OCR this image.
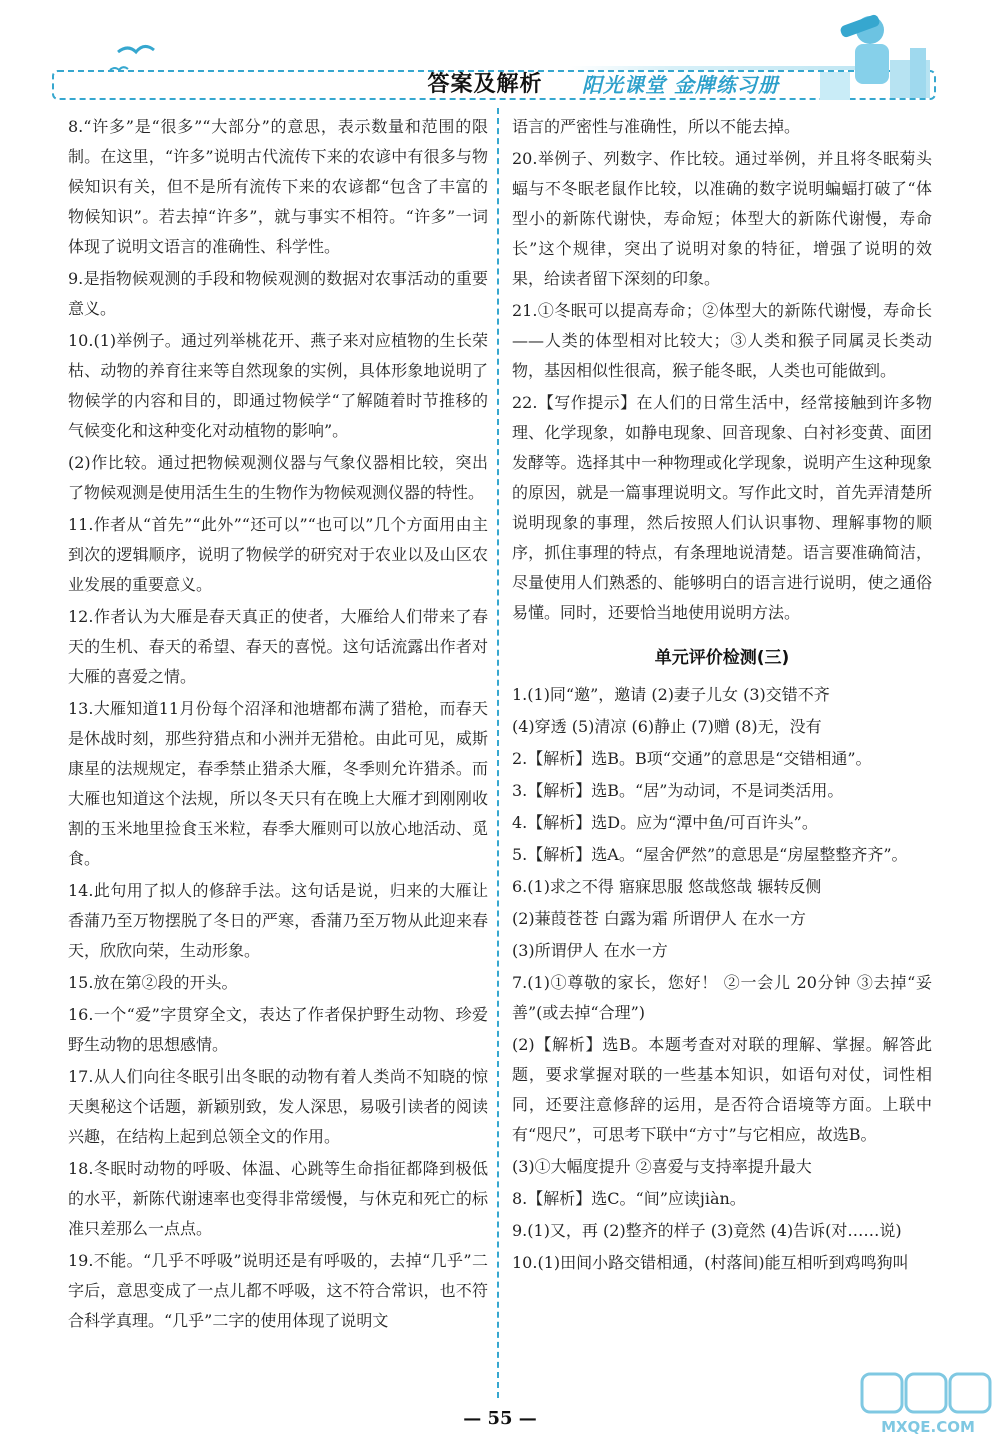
答案及解析	阳光课堂 金牌练习册

8.“许多”是“很多”“大部分”的意思，表示数量和范围的限制。在这里，“许多”说明古代流传下来的农谚中有很多与物候知识有关，但不是所有流传下来的农谚都“包含了丰富的物候知识”。若去掉“许多”，就与事实不相符。“许多”一词体现了说明文语言的准确性、科学性。

9.是指物候观测的手段和物候观测的数据对农事活动的重要意义。

10.(1)举例子。通过列举桃花开、燕子来对应植物的生长荣枯、动物的养育往来等自然现象的实例，具体形象地说明了物候学的内容和目的，即通过物候学“了解随着时节推移的气候变化和这种变化对动植物的影响”。

(2)作比较。通过把物候观测仪器与气象仪器相比较，突出了物候观测是使用活生生的生物作为物候观测仪器的特性。

11.作者从“首先”“此外”“还可以”“也可以”几个方面用由主到次的逻辑顺序，说明了物候学的研究对于农业以及山区农业发展的重要意义。

12.作者认为大雁是春天真正的使者，大雁给人们带来了春天的生机、春天的希望、春天的喜悦。这句话流露出作者对大雁的喜爱之情。

13.大雁知道11月份每个沼泽和池塘都布满了猎枪，而春天是休战时刻，那些狩猎点和小洲并无猎枪。由此可见，威斯康星的法规规定，春季禁止猎杀大雁，冬季则允许猎杀。而大雁也知道这个法规，所以冬天只有在晚上大雁才到刚刚收割的玉米地里捡食玉米粒，春季大雁则可以放心地活动、觅食。

14.此句用了拟人的修辞手法。这句话是说，归来的大雁让香蒲乃至万物摆脱了冬日的严寒，香蒲乃至万物从此迎来春天，欣欣向荣，生动形象。

15.放在第②段的开头。

16.一个“爱”字贯穿全文，表达了作者保护野生动物、珍爱野生动物的思想感情。

17.从人们向往冬眠引出冬眠的动物有着人类尚不知晓的惊天奥秘这个话题，新颖别致，发人深思，易吸引读者的阅读兴趣，在结构上起到总领全文的作用。

18.冬眠时动物的呼吸、体温、心跳等生命指征都降到极低的水平，新陈代谢速率也变得非常缓慢，与休克和死亡的标准只差那么一点点。

19.不能。“几乎不呼吸”说明还是有呼吸的，去掉“几乎”二字后，意思变成了一点儿都不呼吸，这不符合常识，也不符合科学真理。“几乎”二字的使用体现了说明文

语言的严密性与准确性，所以不能去掉。

20.举例子、列数字、作比较。通过举例，并且将冬眠菊头蝠与不冬眠老鼠作比较，以准确的数字说明蝙蝠打破了“体型小的新陈代谢快，寿命短；体型大的新陈代谢慢，寿命长”这个规律，突出了说明对象的特征，增强了说明的效果，给读者留下深刻的印象。

21.①冬眠可以提高寿命；②体型大的新陈代谢慢，寿命长——人类的体型相对比较大；③人类和猴子同属灵长类动物，基因相似性很高，猴子能冬眠，人类也可能做到。

22.【写作提示】在人们的日常生活中，经常接触到许多物理、化学现象，如静电现象、回音现象、白衬衫变黄、面团发酵等。选择其中一种物理或化学现象，说明产生这种现象的原因，就是一篇事理说明文。写作此文时，首先弄清楚所说明现象的事理，然后按照人们认识事物、理解事物的顺序，抓住事理的特点，有条理地说清楚。语言要准确简洁，尽量使用人们熟悉的、能够明白的语言进行说明，使之通俗易懂。同时，还要恰当地使用说明方法。

单元评价检测(三)

1.(1)同“邀”，邀请 (2)妻子儿女 (3)交错不齐

(4)穿透 (5)清凉 (6)静止 (7)赠 (8)无，没有

2.【解析】选B。B项“交通”的意思是“交错相通”。

3.【解析】选B。“居”为动词，不是词类活用。

4.【解析】选D。应为“潭中鱼/可百许头”。

5.【解析】选A。“屋舍俨然”的意思是“房屋整整齐齐”。

6.(1)求之不得 寤寐思服 悠哉悠哉 辗转反侧

(2)蒹葭苍苍 白露为霜 所谓伊人 在水一方

(3)所谓伊人 在水一方

7.(1)①尊敬的家长，您好！ ②一会儿 20分钟 ③去掉“妥善”(或去掉“合理”)

(2)【解析】选B。本题考查对对联的理解、掌握。解答此题，要求掌握对联的一些基本知识，如语句对仗，词性相同，还要注意修辞的运用，是否符合语境等方面。上联中有“咫尺”，可思考下联中“方寸”与它相应，故选B。

(3)①大幅度提升 ②喜爱与支持率提升最大

8.【解析】选C。“间”应读jiàn。

9.(1)又，再 (2)整齐的样子 (3)竟然 (4)告诉(对……说)

10.(1)田间小路交错相通，(村落间)能互相听到鸡鸣狗叫

— 55 —	MXQE.COM
